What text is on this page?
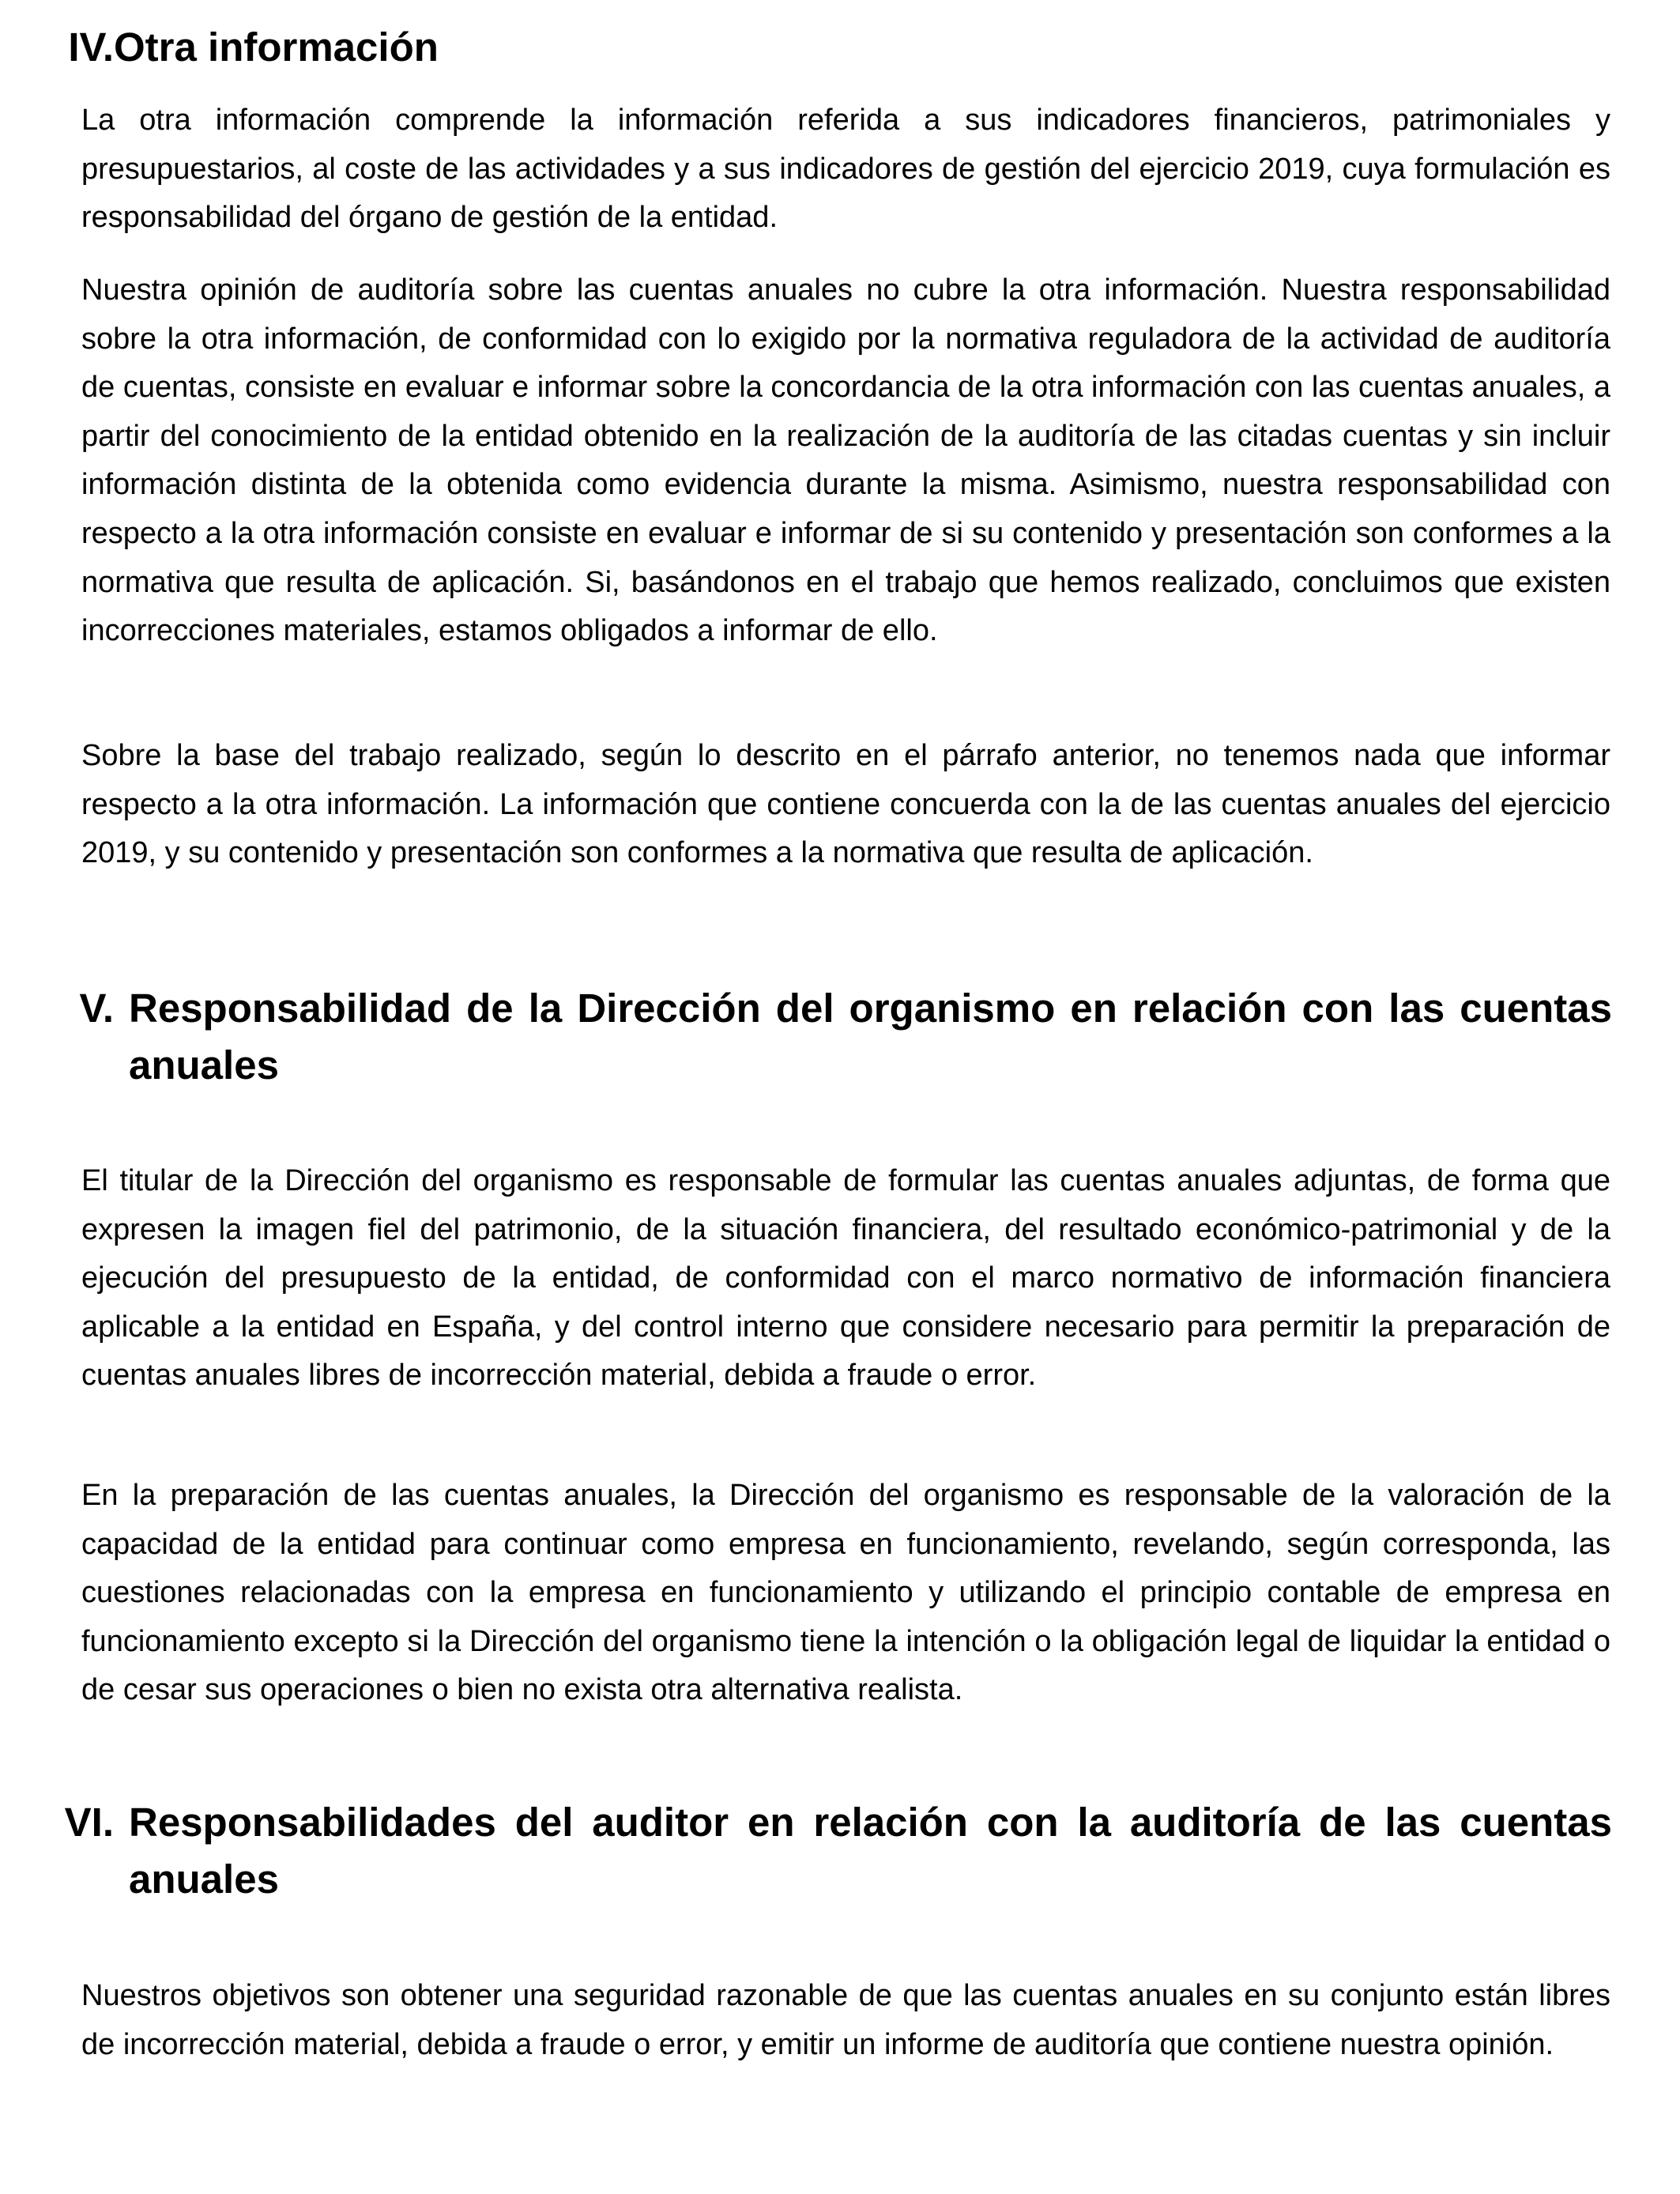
IV. Otra información

La otra información comprende la información referida a sus indicadores financieros, patrimoniales y presupuestarios, al coste de las actividades y a sus indicadores de gestión del ejercicio 2019, cuya formulación es responsabilidad del órgano de gestión de la entidad.

Nuestra opinión de auditoría sobre las cuentas anuales no cubre la otra información. Nuestra responsabilidad sobre la otra información, de conformidad con lo exigido por la normativa reguladora de la actividad de auditoría de cuentas, consiste en evaluar e informar sobre la concordancia de la otra información con las cuentas anuales, a partir del conocimiento de la entidad obtenido en la realización de la auditoría de las citadas cuentas y sin incluir información distinta de la obtenida como evidencia durante la misma. Asimismo, nuestra responsabilidad con respecto a la otra información consiste en evaluar e informar de si su contenido y presentación son conformes a la normativa que resulta de aplicación. Si, basándonos en el trabajo que hemos realizado, concluimos que existen incorrecciones materiales, estamos obligados a informar de ello.

Sobre la base del trabajo realizado, según lo descrito en el párrafo anterior, no tenemos nada que informar respecto a la otra información. La información que contiene concuerda con la de las cuentas anuales del ejercicio 2019, y su contenido y presentación son conformes a la normativa que resulta de aplicación.

V. Responsabilidad de la Dirección del organismo en relación con las cuentas anuales

El titular de la Dirección del organismo es responsable de formular las cuentas anuales adjuntas, de forma que expresen la imagen fiel del patrimonio, de la situación financiera, del resultado económico-patrimonial y de la ejecución del presupuesto de la entidad, de conformidad con el marco normativo de información financiera aplicable a la entidad en España, y del control interno que considere necesario para permitir la preparación de cuentas anuales libres de incorrección material, debida a fraude o error.

En la preparación de las cuentas anuales, la Dirección del organismo es responsable de la valoración de la capacidad de la entidad para continuar como empresa en funcionamiento, revelando, según corresponda, las cuestiones relacionadas con la empresa en funcionamiento y utilizando el principio contable de empresa en funcionamiento excepto si la Dirección del organismo tiene la intención o la obligación legal de liquidar la entidad o de cesar sus operaciones o bien no exista otra alternativa realista.

VI. Responsabilidades del auditor en relación con la auditoría de las cuentas anuales

Nuestros objetivos son obtener una seguridad razonable de que las cuentas anuales en su conjunto están libres de incorrección material, debida a fraude o error, y emitir un informe de auditoría que contiene nuestra opinión.
